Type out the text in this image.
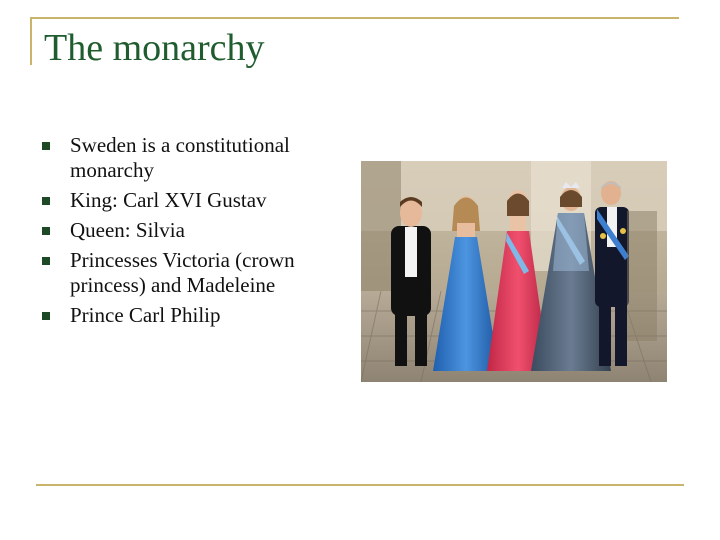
The monarchy
Sweden is a constitutional monarchy
King: Carl XVI Gustav
Queen: Silvia
Princesses Victoria (crown princess) and Madeleine
Prince Carl Philip
